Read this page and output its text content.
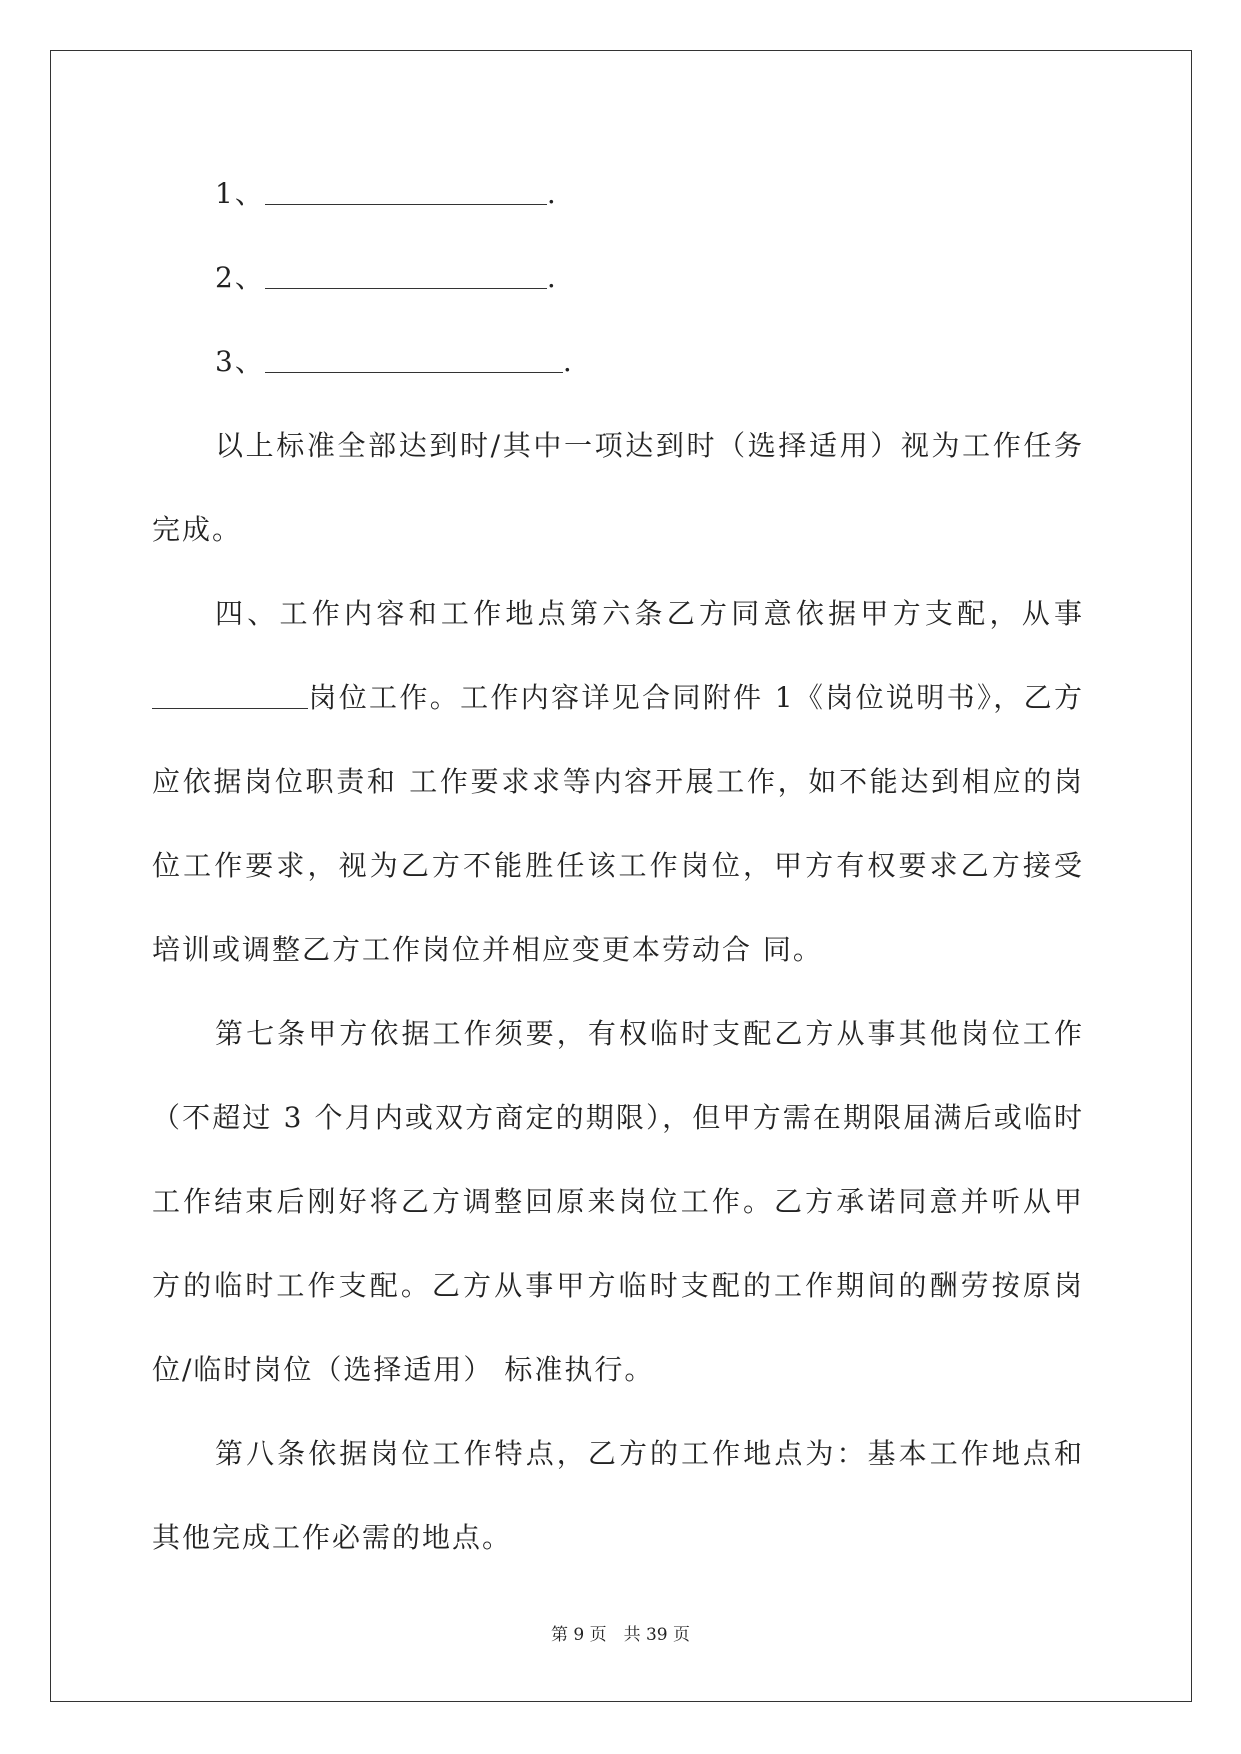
1、	.
2、	.
3、	.
以上标准全部达到时/其中一项达到时（选择适用）视为工作任务
完成。
四、工作内容和工作地点第六条乙方同意依据甲方支配，从事
岗位工作。工作内容详见合同附件 1《岗位说明书》，乙方
应依据岗位职责和 工作要求求等内容开展工作，如不能达到相应的岗
位工作要求，视为乙方不能胜任该工作岗位，甲方有权要求乙方接受
培训或调整乙方工作岗位并相应变更本劳动合 同。
第七条甲方依据工作须要，有权临时支配乙方从事其他岗位工作
（不超过 3 个月内或双方商定的期限），但甲方需在期限届满后或临时
工作结束后刚好将乙方调整回原来岗位工作。乙方承诺同意并听从甲
方的临时工作支配。乙方从事甲方临时支配的工作期间的酬劳按原岗
位/临时岗位（选择适用） 标准执行。
第八条依据岗位工作特点，乙方的工作地点为：基本工作地点和
其他完成工作必需的地点。
第 9 页　共 39 页
